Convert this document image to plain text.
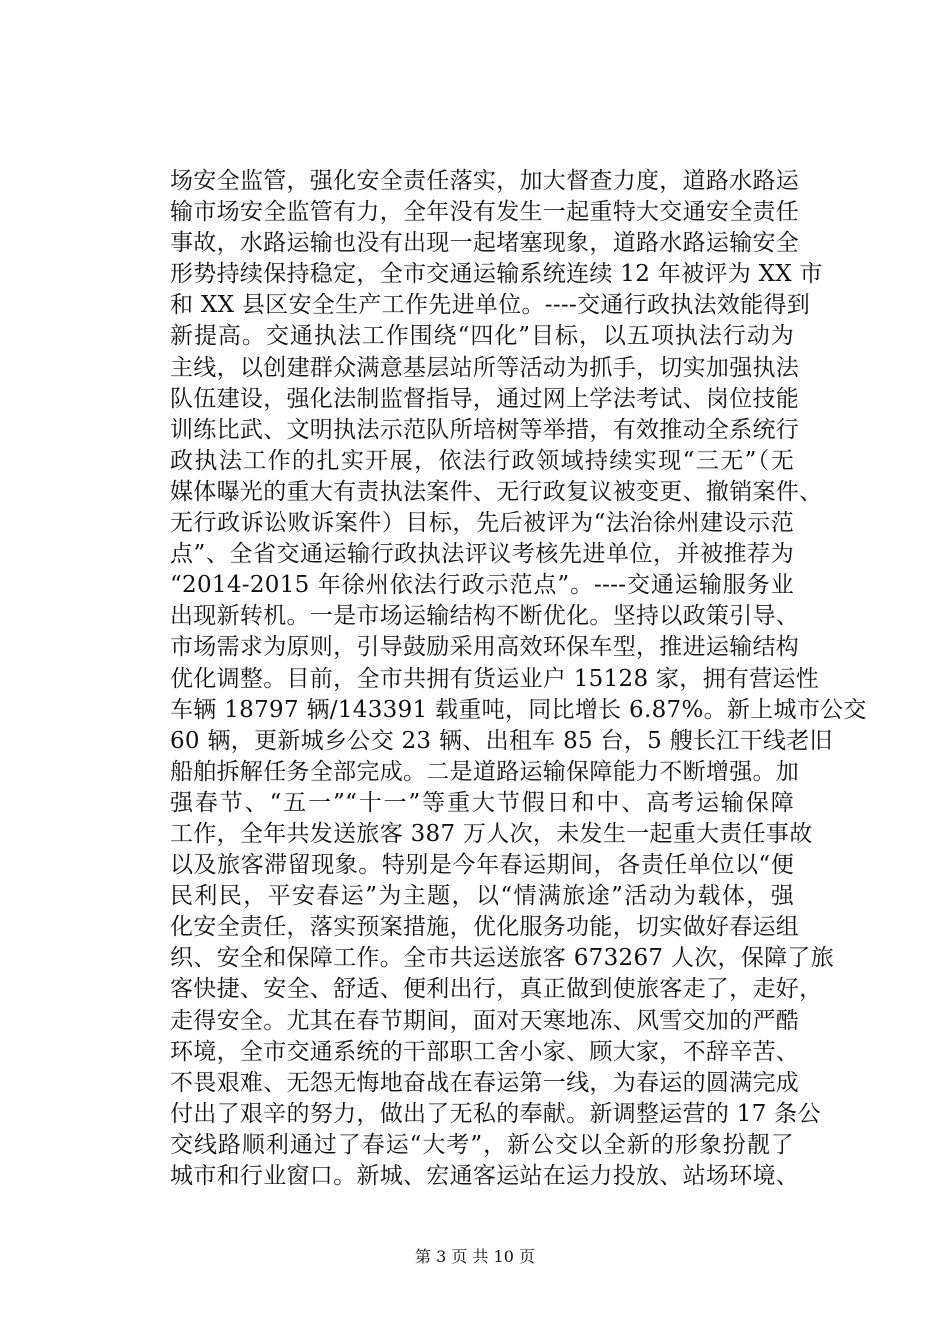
场安全监管，强化安全责任落实，加大督查力度，道路水路运
输市场安全监管有力，全年没有发生一起重特大交通安全责任
事故，水路运输也没有出现一起堵塞现象，道路水路运输安全
形势持续保持稳定，全市交通运输系统连续 12 年被评为 XX 市
和 XX 县区安全生产工作先进单位。----交通行政执法效能得到
新提高。交通执法工作围绕“四化”目标，以五项执法行动为
主线，以创建群众满意基层站所等活动为抓手，切实加强执法
队伍建设，强化法制监督指导，通过网上学法考试、岗位技能
训练比武、文明执法示范队所培树等举措，有效推动全系统行
政执法工作的扎实开展，依法行政领域持续实现“三无”（无
媒体曝光的重大有责执法案件、无行政复议被变更、撤销案件、
无行政诉讼败诉案件）目标，先后被评为“法治徐州建设示范
点”、全省交通运输行政执法评议考核先进单位，并被推荐为
“2014-2015 年徐州依法行政示范点”。----交通运输服务业
出现新转机。一是市场运输结构不断优化。坚持以政策引导、
市场需求为原则，引导鼓励采用高效环保车型，推进运输结构
优化调整。目前，全市共拥有货运业户 15128 家，拥有营运性
车辆 18797 辆/143391 载重吨，同比增长 6.87%。新上城市公交
60 辆，更新城乡公交 23 辆、出租车 85 台，5 艘长江干线老旧
船舶拆解任务全部完成。二是道路运输保障能力不断增强。加
强春节、“五一”“十一”等重大节假日和中、高考运输保障
工作，全年共发送旅客 387 万人次，未发生一起重大责任事故
以及旅客滞留现象。特别是今年春运期间，各责任单位以“便
民利民，平安春运”为主题，以“情满旅途”活动为载体，强
化安全责任，落实预案措施，优化服务功能，切实做好春运组
织、安全和保障工作。全市共运送旅客 673267 人次，保障了旅
客快捷、安全、舒适、便利出行，真正做到使旅客走了，走好，
走得安全。尤其在春节期间，面对天寒地冻、风雪交加的严酷
环境，全市交通系统的干部职工舍小家、顾大家，不辞辛苦、
不畏艰难、无怨无悔地奋战在春运第一线，为春运的圆满完成
付出了艰辛的努力，做出了无私的奉献。新调整运营的 17 条公
交线路顺利通过了春运“大考”，新公交以全新的形象扮靓了
城市和行业窗口。新城、宏通客运站在运力投放、站场环境、

第 3 页 共 10 页
